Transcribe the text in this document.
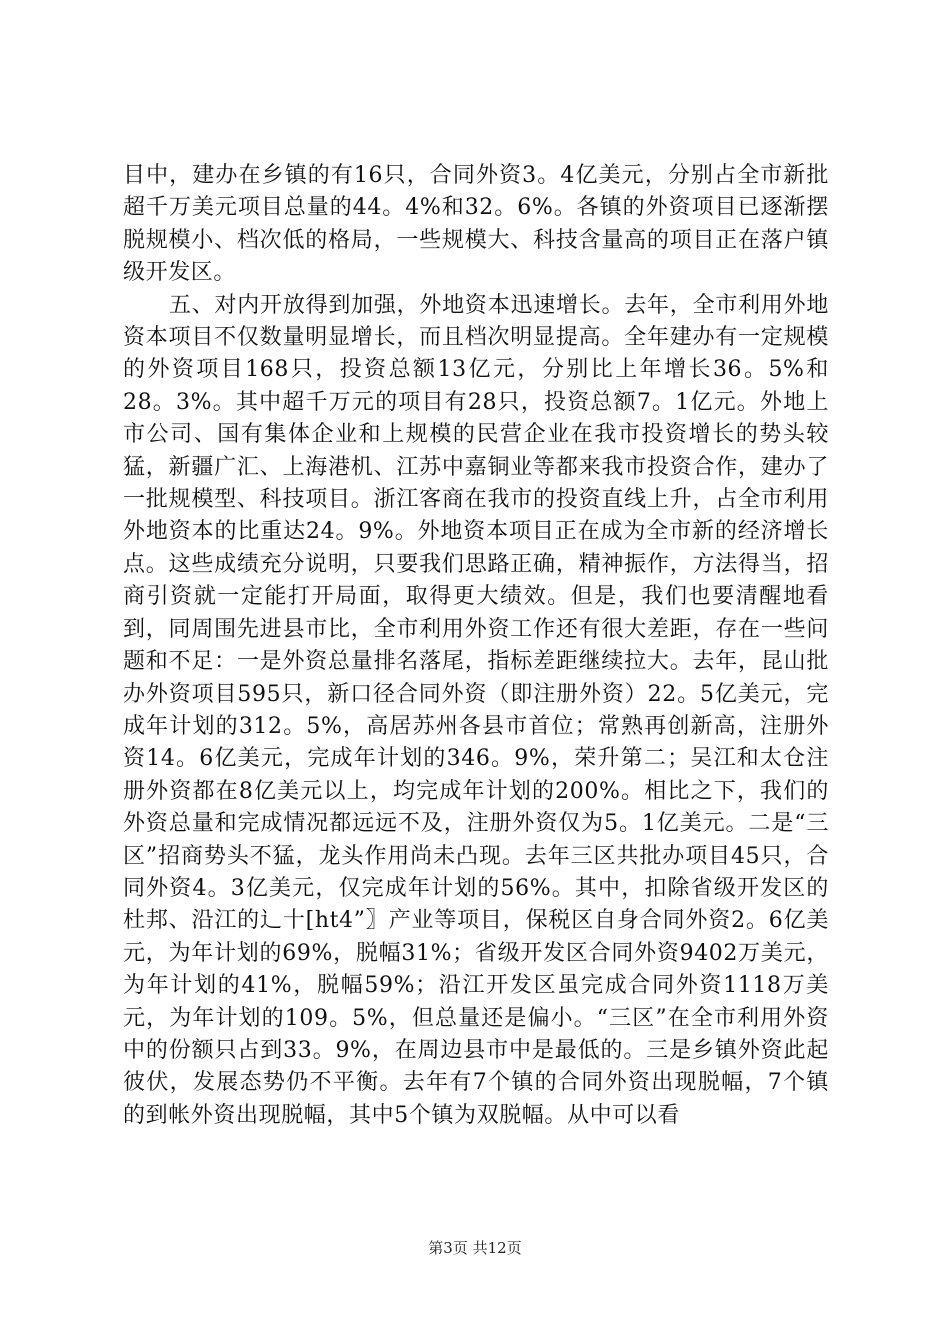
目中，建办在乡镇的有16只，合同外资3。4亿美元，分别占全市新批超千万美元项目总量的44。4%和32。6%。各镇的外资项目已逐渐摆脱规模小、档次低的格局，一些规模大、科技含量高的项目正在落户镇级开发区。

五、对内开放得到加强，外地资本迅速增长。去年，全市利用外地资本项目不仅数量明显增长，而且档次明显提高。全年建办有一定规模的外资项目168只，投资总额13亿元，分别比上年增长36。5%和28。3%。其中超千万元的项目有28只，投资总额7。1亿元。外地上市公司、国有集体企业和上规模的民营企业在我市投资增长的势头较猛，新疆广汇、上海港机、江苏中嘉铜业等都来我市投资合作，建办了一批规模型、科技项目。浙江客商在我市的投资直线上升，占全市利用外地资本的比重达24。9%。外地资本项目正在成为全市新的经济增长点。这些成绩充分说明，只要我们思路正确，精神振作，方法得当，招商引资就一定能打开局面，取得更大绩效。但是，我们也要清醒地看到，同周围先进县市比，全市利用外资工作还有很大差距，存在一些问题和不足：一是外资总量排名落尾，指标差距继续拉大。去年，昆山批办外资项目595只，新口径合同外资（即注册外资）22。5亿美元，完成年计划的312。5%，高居苏州各县市首位；常熟再创新高，注册外资14。6亿美元，完成年计划的346。9%，荣升第二；吴江和太仓注册外资都在8亿美元以上，均完成年计划的200%。相比之下，我们的外资总量和完成情况都远远不及，注册外资仅为5。1亿美元。二是“三区”招商势头不猛，龙头作用尚未凸现。去年三区共批办项目45只，合同外资4。3亿美元，仅完成年计划的56%。其中，扣除省级开发区的杜邦、沿江的辶十[ht4”〗产业等项目，保税区自身合同外资2。6亿美元，为年计划的69%，脱幅31%；省级开发区合同外资9402万美元，为年计划的41%，脱幅59%；沿江开发区虽完成合同外资1118万美元，为年计划的109。5%，但总量还是偏小。“三区”在全市利用外资中的份额只占到33。9%，在周边县市中是最低的。三是乡镇外资此起彼伏，发展态势仍不平衡。去年有7个镇的合同外资出现脱幅，7个镇的到帐外资出现脱幅，其中5个镇为双脱幅。从中可以看

第3页 共12页
